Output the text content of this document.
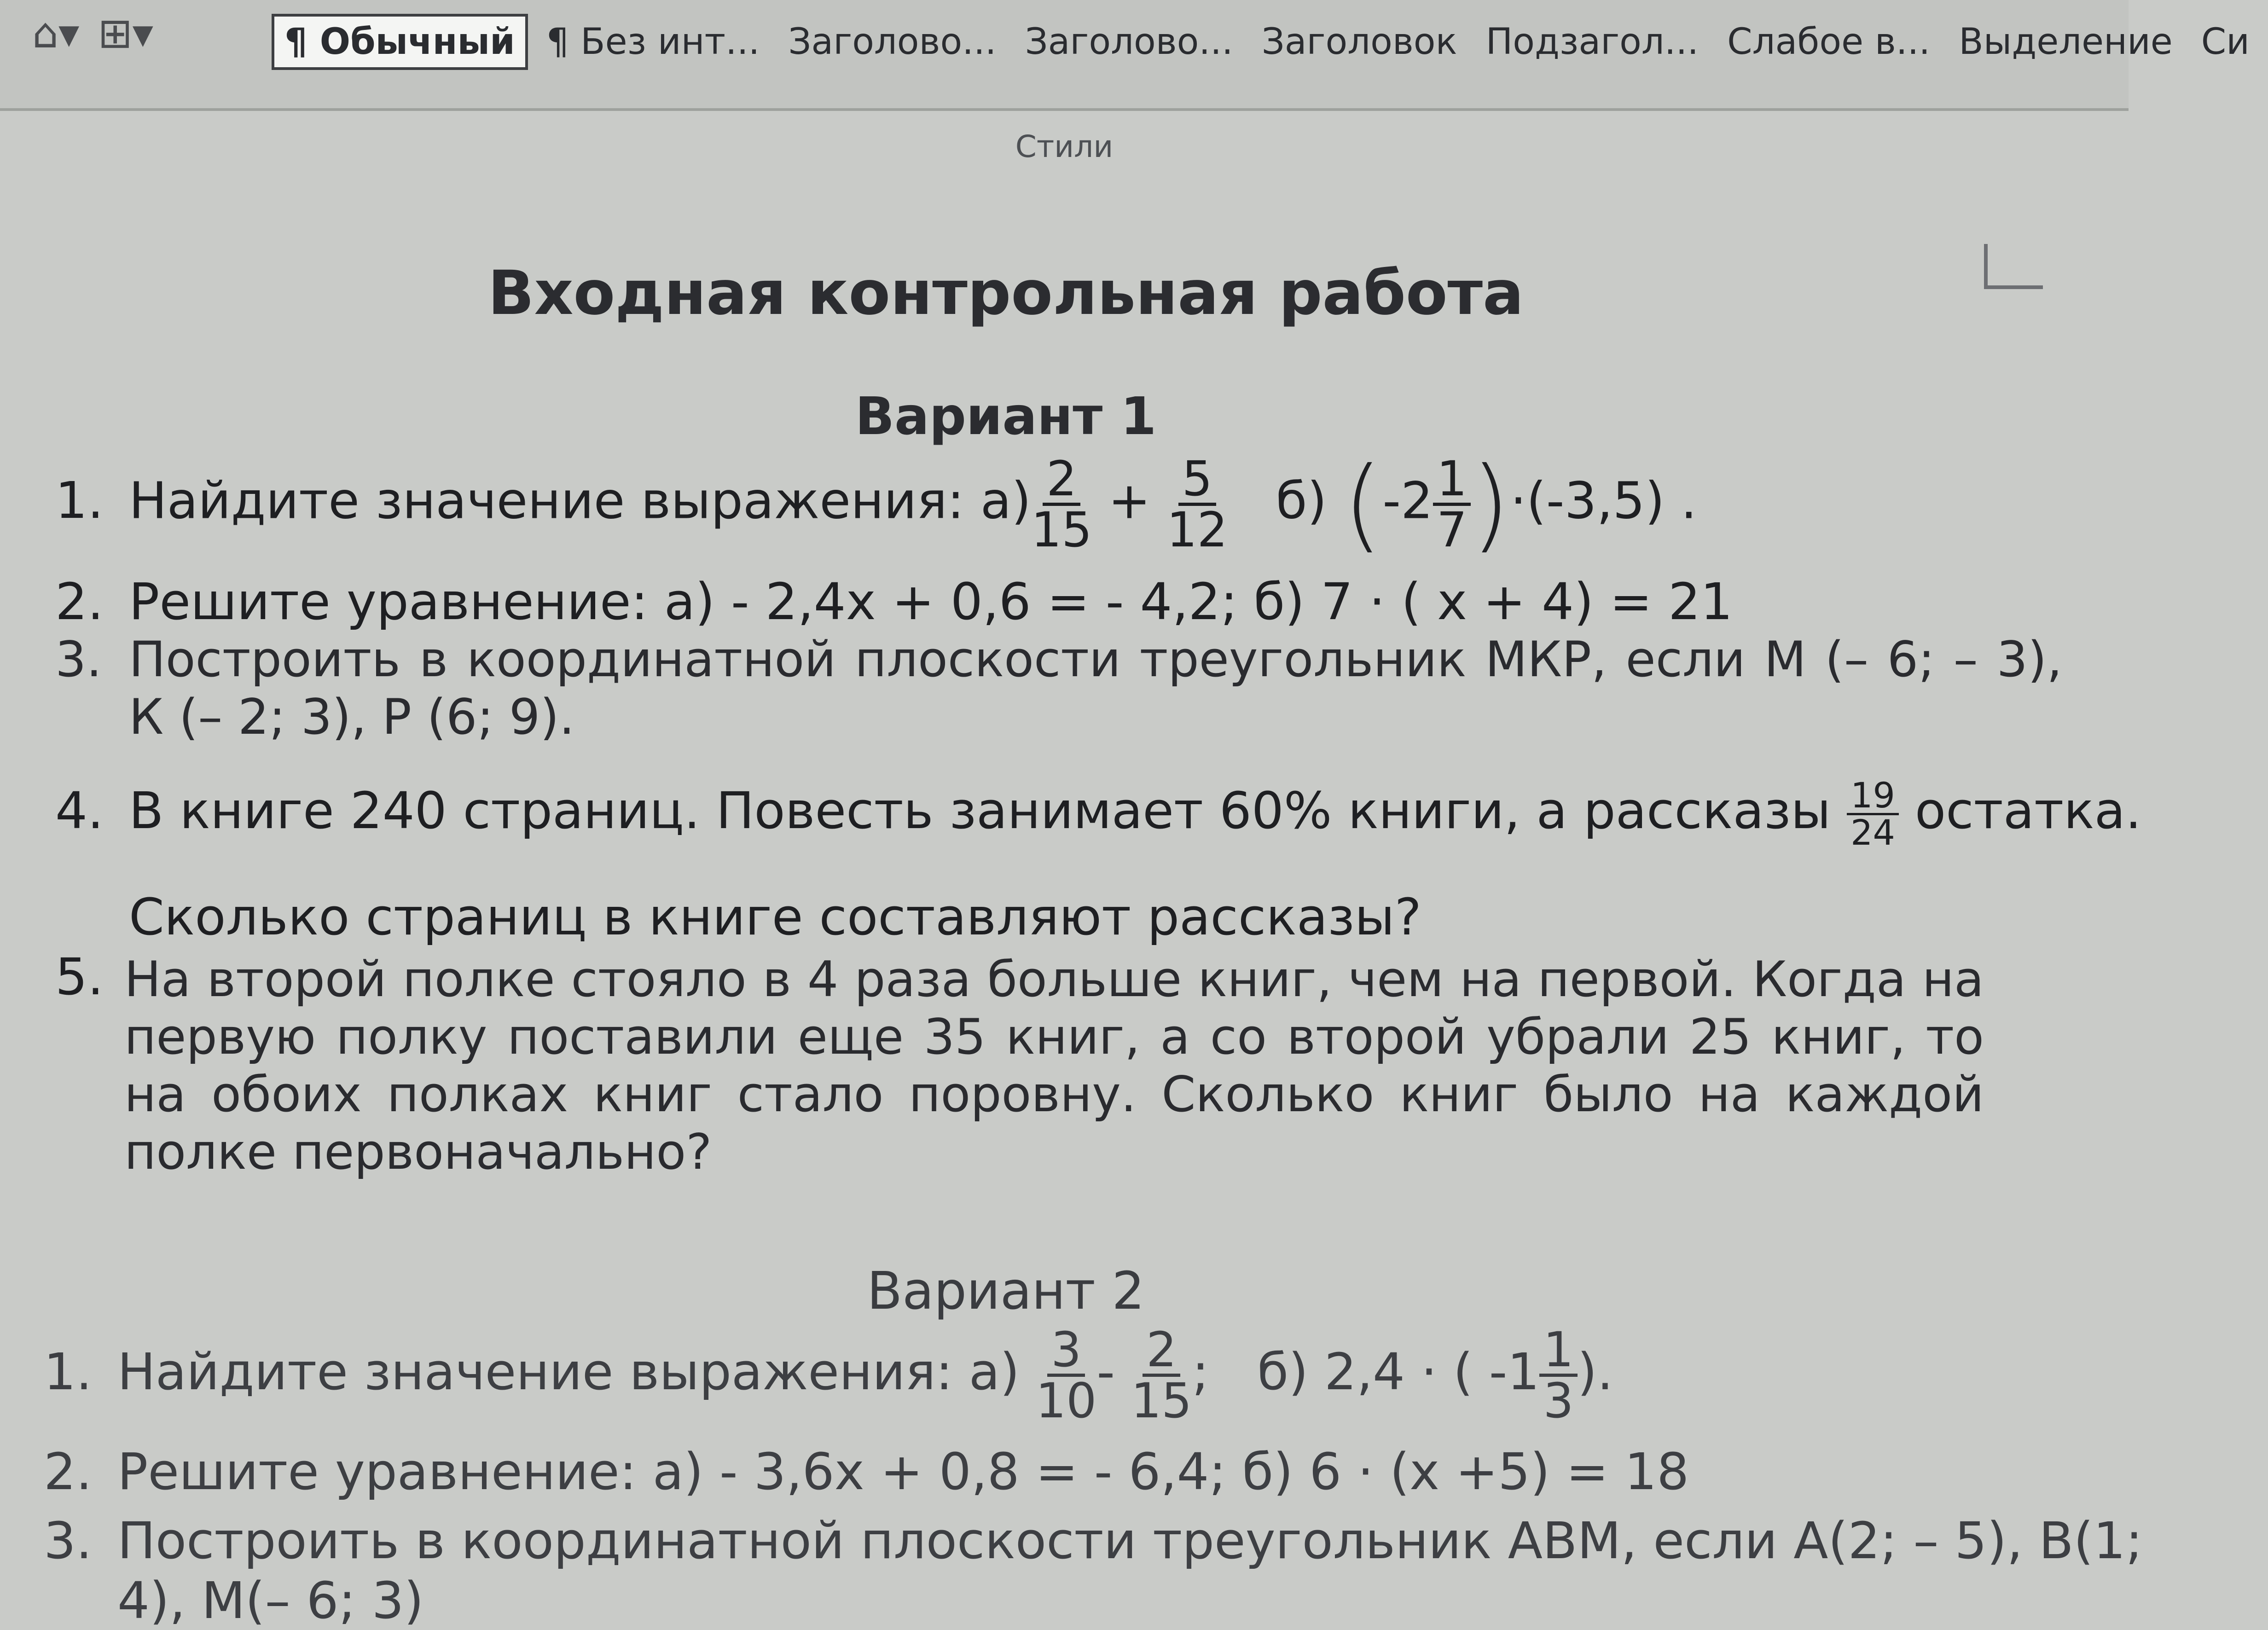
⌂▾ ⊞▾	¶ Обычный ¶ Без инт... Заголово... Заголово... Заголовок Подзагол... Слабое в... Выделение Си
Стили
Входная контрольная работа
Вариант 1
1. Найдите значение выражения: $а) \frac{2}{15} + \frac{5}{12} б$) $(-2 \frac{1}{7} )\cdot(-3,5)$ .
2. Решите уравнение: а) - 2,4х + 0,6 = - 4,2; б) 7 · ( х + 4) = 21
3. Построить в координатной плоскости треугольник МКР, если М (– 6; – 3), К (– 2; 3), Р (6; 9).
4. В книге 240 страниц. Повесть занимает 60% книги, а рассказы $\frac{19}{24}$ остатка.
Сколько страниц в книге составляют рассказы?
5. На второй полке стояло в 4 раза больше книг, чем на первой. Когда на первую полку поставили еще 35 книг, а со второй убрали 25 книг, то на обоих полках книг стало поровну. Сколько книг было на каждой полке первоначально?
Вариант 2
1. Найдите значение выражения: $а) \frac{3}{10} - \frac{2}{15}$ ; б) 2,4 · ( $-1 \frac{1}{3}$ ).
2. Решите уравнение: а) - 3,6х + 0,8 = - 6,4; б) 6 · (х +5) = 18
3. Построить в координатной плоскости треугольник АВМ, если А(2; – 5), В(1;
4), М(– 6; 3)
